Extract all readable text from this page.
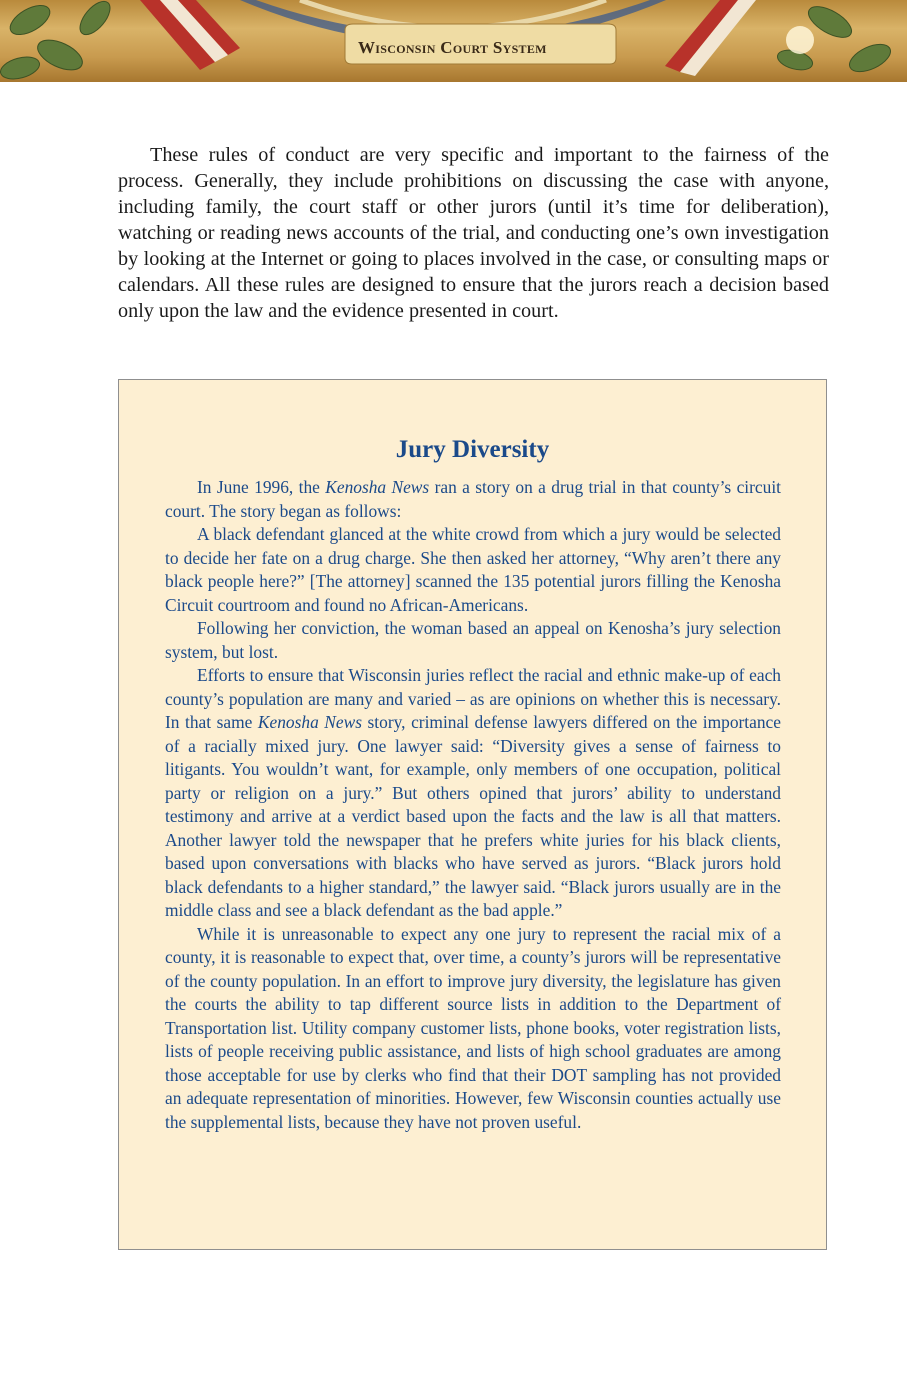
Wisconsin Court System

These rules of conduct are very specific and important to the fairness of the process. Generally, they include prohibitions on discussing the case with anyone, including family, the court staff or other jurors (until it’s time for deliberation), watching or reading news accounts of the trial, and conducting one’s own investigation by looking at the Internet or going to places involved in the case, or consulting maps or calendars. All these rules are designed to ensure that the jurors reach a decision based only upon the law and the evidence presented in court.

Jury Diversity

In June 1996, the Kenosha News ran a story on a drug trial in that county’s circuit court. The story began as follows:

A black defendant glanced at the white crowd from which a jury would be selected to decide her fate on a drug charge. She then asked her attorney, “Why aren’t there any black people here?” [The attorney] scanned the 135 potential jurors filling the Kenosha Circuit courtroom and found no African-Americans.

Following her conviction, the woman based an appeal on Kenosha’s jury selection system, but lost.

Efforts to ensure that Wisconsin juries reflect the racial and ethnic make-up of each county’s population are many and varied – as are opinions on whether this is necessary. In that same Kenosha News story, criminal defense lawyers differed on the importance of a racially mixed jury. One lawyer said: “Diversity gives a sense of fairness to litigants. You wouldn’t want, for example, only members of one occupation, political party or religion on a jury.” But others opined that jurors’ ability to understand testimony and arrive at a verdict based upon the facts and the law is all that matters. Another lawyer told the newspaper that he prefers white juries for his black clients, based upon conversations with blacks who have served as jurors. “Black jurors hold black defendants to a higher standard,” the lawyer said. “Black jurors usually are in the middle class and see a black defendant as the bad apple.”

While it is unreasonable to expect any one jury to represent the racial mix of a county, it is reasonable to expect that, over time, a county’s jurors will be representative of the county population. In an effort to improve jury diversity, the legislature has given the courts the ability to tap different source lists in addition to the Department of Transportation list. Utility company customer lists, phone books, voter registration lists, lists of people receiving public assistance, and lists of high school graduates are among those acceptable for use by clerks who find that their DOT sampling has not provided an adequate representation of minorities. However, few Wisconsin counties actually use the supplemental lists, because they have not proven useful.
